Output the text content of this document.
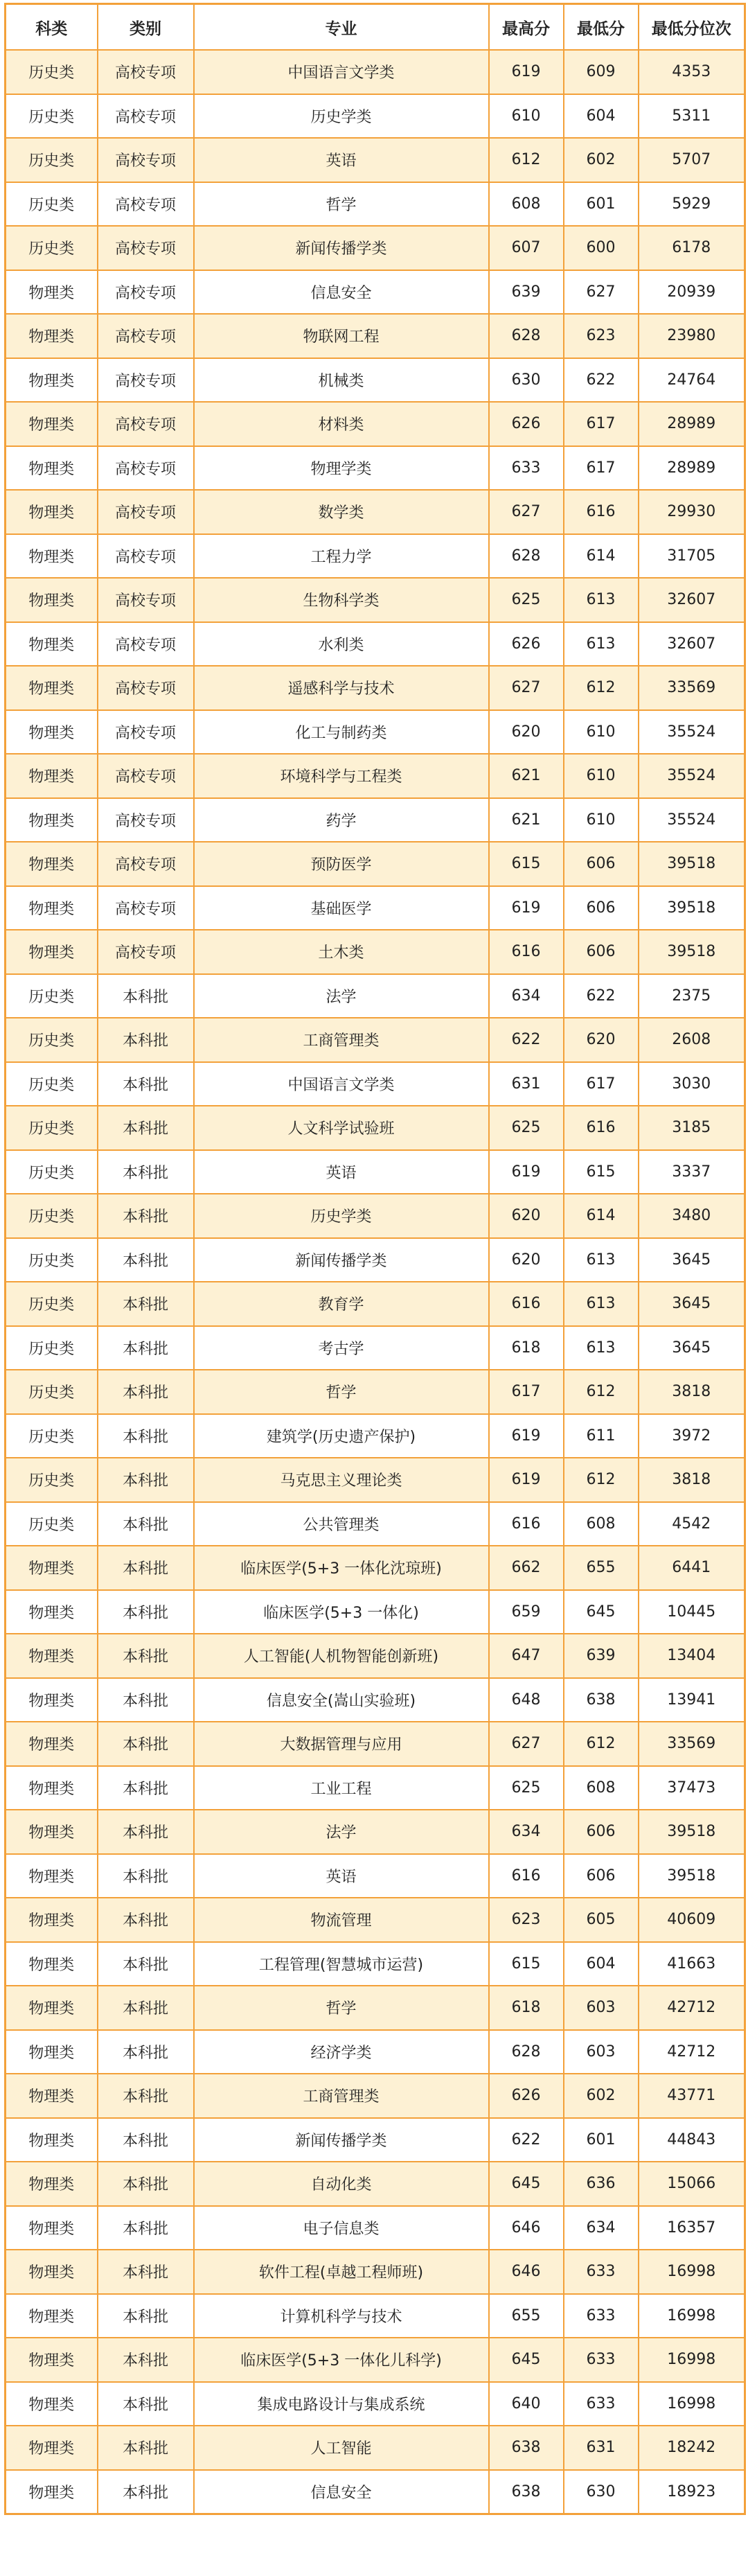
科类	类别	专业	最高分	最低分	最低分位次
历史类	高校专项	中国语言文学类	619	609	4353
历史类	高校专项	历史学类	610	604	5311
历史类	高校专项	英语	612	602	5707
历史类	高校专项	哲学	608	601	5929
历史类	高校专项	新闻传播学类	607	600	6178
物理类	高校专项	信息安全	639	627	20939
物理类	高校专项	物联网工程	628	623	23980
物理类	高校专项	机械类	630	622	24764
物理类	高校专项	材料类	626	617	28989
物理类	高校专项	物理学类	633	617	28989
物理类	高校专项	数学类	627	616	29930
物理类	高校专项	工程力学	628	614	31705
物理类	高校专项	生物科学类	625	613	32607
物理类	高校专项	水利类	626	613	32607
物理类	高校专项	遥感科学与技术	627	612	33569
物理类	高校专项	化工与制药类	620	610	35524
物理类	高校专项	环境科学与工程类	621	610	35524
物理类	高校专项	药学	621	610	35524
物理类	高校专项	预防医学	615	606	39518
物理类	高校专项	基础医学	619	606	39518
物理类	高校专项	土木类	616	606	39518
历史类	本科批	法学	634	622	2375
历史类	本科批	工商管理类	622	620	2608
历史类	本科批	中国语言文学类	631	617	3030
历史类	本科批	人文科学试验班	625	616	3185
历史类	本科批	英语	619	615	3337
历史类	本科批	历史学类	620	614	3480
历史类	本科批	新闻传播学类	620	613	3645
历史类	本科批	教育学	616	613	3645
历史类	本科批	考古学	618	613	3645
历史类	本科批	哲学	617	612	3818
历史类	本科批	建筑学(历史遗产保护)	619	611	3972
历史类	本科批	马克思主义理论类	619	612	3818
历史类	本科批	公共管理类	616	608	4542
物理类	本科批	临床医学(5+3 一体化沈琼班)	662	655	6441
物理类	本科批	临床医学(5+3 一体化)	659	645	10445
物理类	本科批	人工智能(人机物智能创新班)	647	639	13404
物理类	本科批	信息安全(嵩山实验班)	648	638	13941
物理类	本科批	大数据管理与应用	627	612	33569
物理类	本科批	工业工程	625	608	37473
物理类	本科批	法学	634	606	39518
物理类	本科批	英语	616	606	39518
物理类	本科批	物流管理	623	605	40609
物理类	本科批	工程管理(智慧城市运营)	615	604	41663
物理类	本科批	哲学	618	603	42712
物理类	本科批	经济学类	628	603	42712
物理类	本科批	工商管理类	626	602	43771
物理类	本科批	新闻传播学类	622	601	44843
物理类	本科批	自动化类	645	636	15066
物理类	本科批	电子信息类	646	634	16357
物理类	本科批	软件工程(卓越工程师班)	646	633	16998
物理类	本科批	计算机科学与技术	655	633	16998
物理类	本科批	临床医学(5+3 一体化儿科学)	645	633	16998
物理类	本科批	集成电路设计与集成系统	640	633	16998
物理类	本科批	人工智能	638	631	18242
物理类	本科批	信息安全	638	630	18923
